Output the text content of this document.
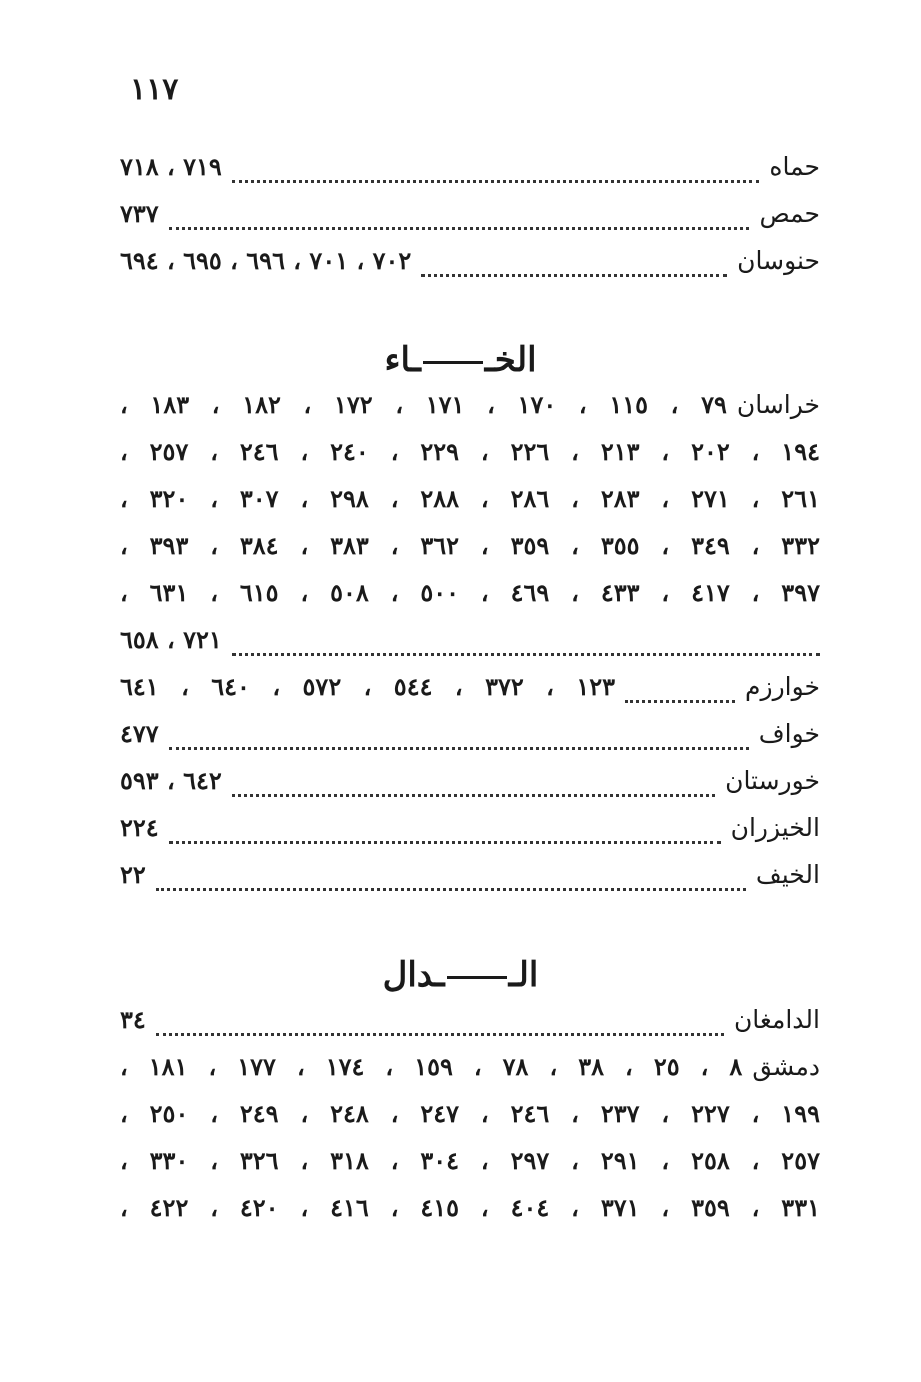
١١٧
حماه
٧١٩ ، ٧١٨
حمص
٧٣٧
حنوسان
٧٠٢ ، ٧٠١ ، ٦٩٦ ، ٦٩٥ ، ٦٩٤
الخــاء
خراسان
٧٩ ، ١١٥ ، ١٧٠ ، ١٧١ ، ١٧٢ ، ١٨٢ ، ١٨٣ ،
١٩٤ ، ٢٠٢ ، ٢١٣ ، ٢٢٦ ، ٢٢٩ ، ٢٤٠ ، ٢٤٦ ، ٢٥٧ ،
٢٦١ ، ٢٧١ ، ٢٨٣ ، ٢٨٦ ، ٢٨٨ ، ٢٩٨ ، ٣٠٧ ، ٣٢٠ ،
٣٣٢ ، ٣٤٩ ، ٣٥٥ ، ٣٥٩ ، ٣٦٢ ، ٣٨٣ ، ٣٨٤ ، ٣٩٣ ،
٣٩٧ ، ٤١٧ ، ٤٣٣ ، ٤٦٩ ، ٥٠٠ ، ٥٠٨ ، ٦١٥ ، ٦٣١ ،
٧٢١ ، ٦٥٨
خوارزم
١٢٣ ، ٣٧٢ ، ٥٤٤ ، ٥٧٢ ، ٦٤٠ ، ٦٤١
خواف
٤٧٧
خورستان
٦٤٢ ، ٥٩٣
الخيزران
٢٢٤
الخيف
٢٢
الــدال
الدامغان
٣٤
دمشق
٨ ، ٢٥ ، ٣٨ ، ٧٨ ، ١٥٩ ، ١٧٤ ، ١٧٧ ، ١٨١ ،
١٩٩ ، ٢٢٧ ، ٢٣٧ ، ٢٤٦ ، ٢٤٧ ، ٢٤٨ ، ٢٤٩ ، ٢٥٠ ،
٢٥٧ ، ٢٥٨ ، ٢٩١ ، ٢٩٧ ، ٣٠٤ ، ٣١٨ ، ٣٢٦ ، ٣٣٠ ،
٣٣١ ، ٣٥٩ ، ٣٧١ ، ٤٠٤ ، ٤١٥ ، ٤١٦ ، ٤٢٠ ، ٤٢٢ ،
